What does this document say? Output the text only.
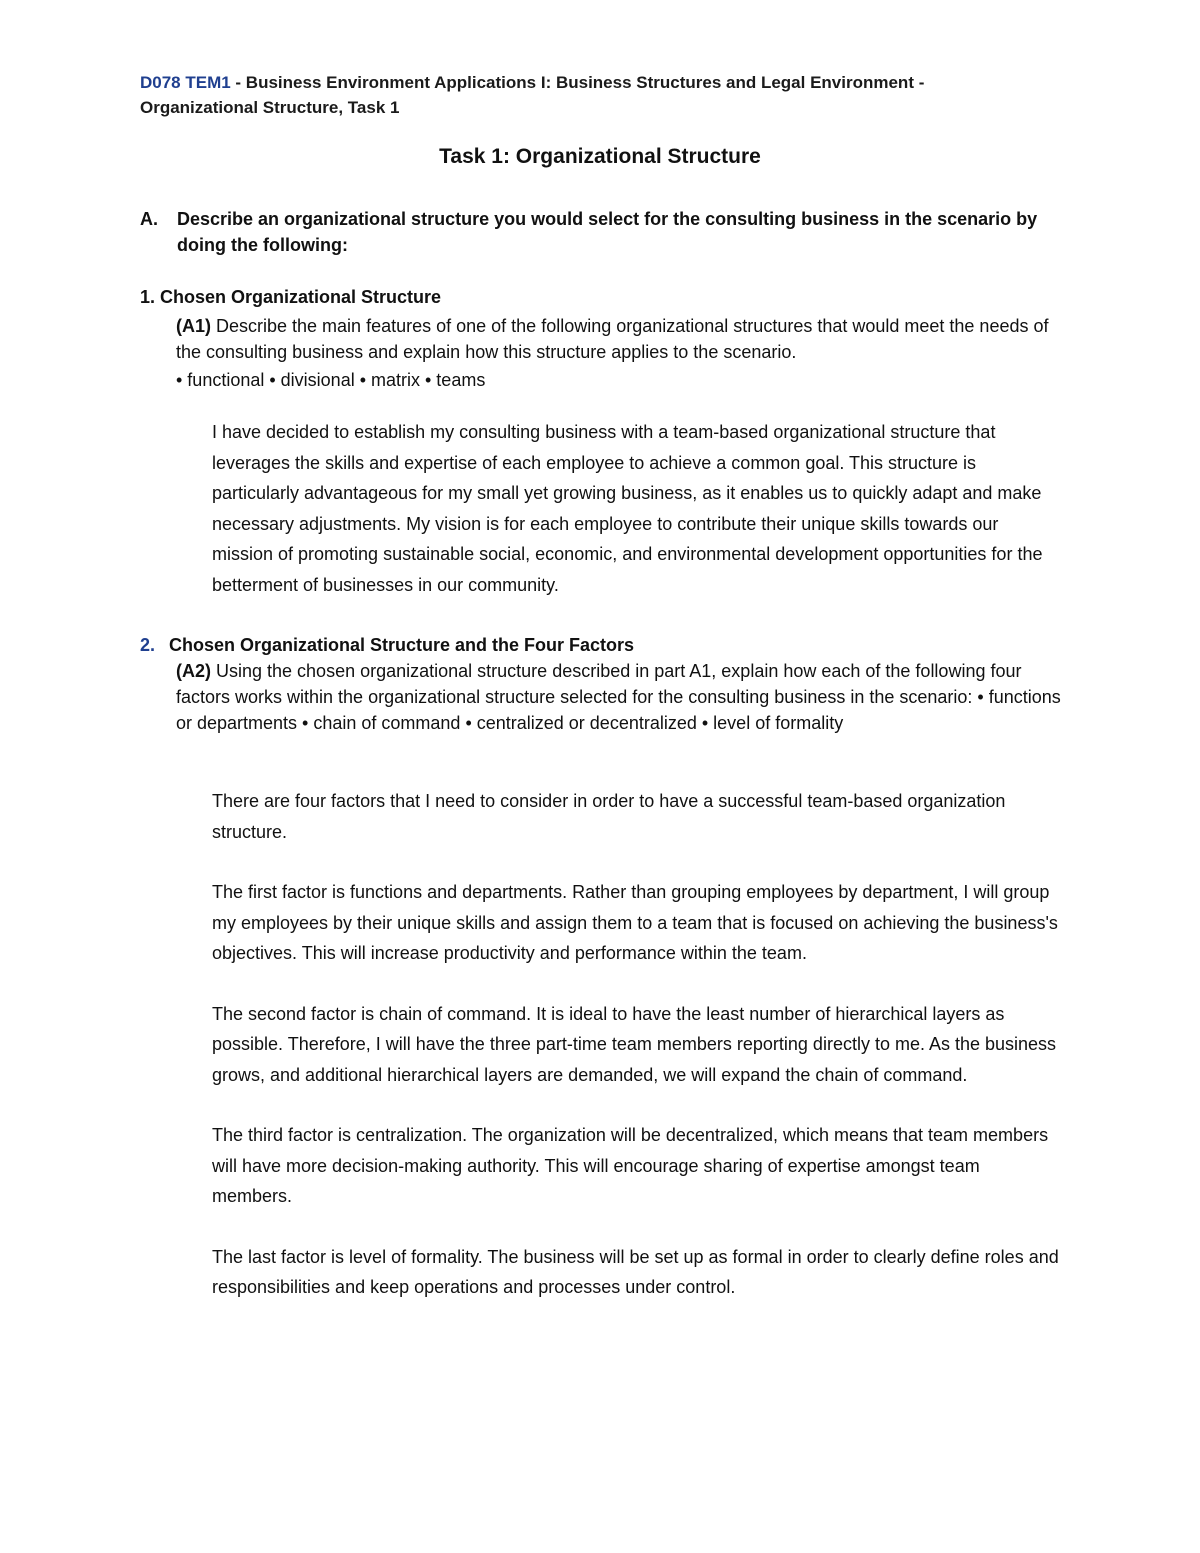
D078 TEM1 - Business Environment Applications I: Business Structures and Legal Environment - Organizational Structure, Task 1
Task 1: Organizational Structure
A.	Describe an organizational structure you would select for the consulting business in the scenario by doing the following:
1. Chosen Organizational Structure
(A1) Describe the main features of one of the following organizational structures that would meet the needs of the consulting business and explain how this structure applies to the scenario.
• functional • divisional • matrix • teams
I have decided to establish my consulting business with a team-based organizational structure that leverages the skills and expertise of each employee to achieve a common goal. This structure is particularly advantageous for my small yet growing business, as it enables us to quickly adapt and make necessary adjustments. My vision is for each employee to contribute their unique skills towards our mission of promoting sustainable social, economic, and environmental development opportunities for the betterment of businesses in our community.
2. Chosen Organizational Structure and the Four Factors
(A2) Using the chosen organizational structure described in part A1, explain how each of the following four factors works within the organizational structure selected for the consulting business in the scenario: • functions or departments • chain of command • centralized or decentralized • level of formality

There are four factors that I need to consider in order to have a successful team-based organization structure.

The first factor is functions and departments. Rather than grouping employees by department, I will group my employees by their unique skills and assign them to a team that is focused on achieving the business's objectives. This will increase productivity and performance within the team.

The second factor is chain of command. It is ideal to have the least number of hierarchical layers as possible. Therefore, I will have the three part-time team members reporting directly to me. As the business grows, and additional hierarchical layers are demanded, we will expand the chain of command.

The third factor is centralization. The organization will be decentralized, which means that team members will have more decision-making authority. This will encourage sharing of expertise amongst team members.

The last factor is level of formality. The business will be set up as formal in order to clearly define roles and responsibilities and keep operations and processes under control.
